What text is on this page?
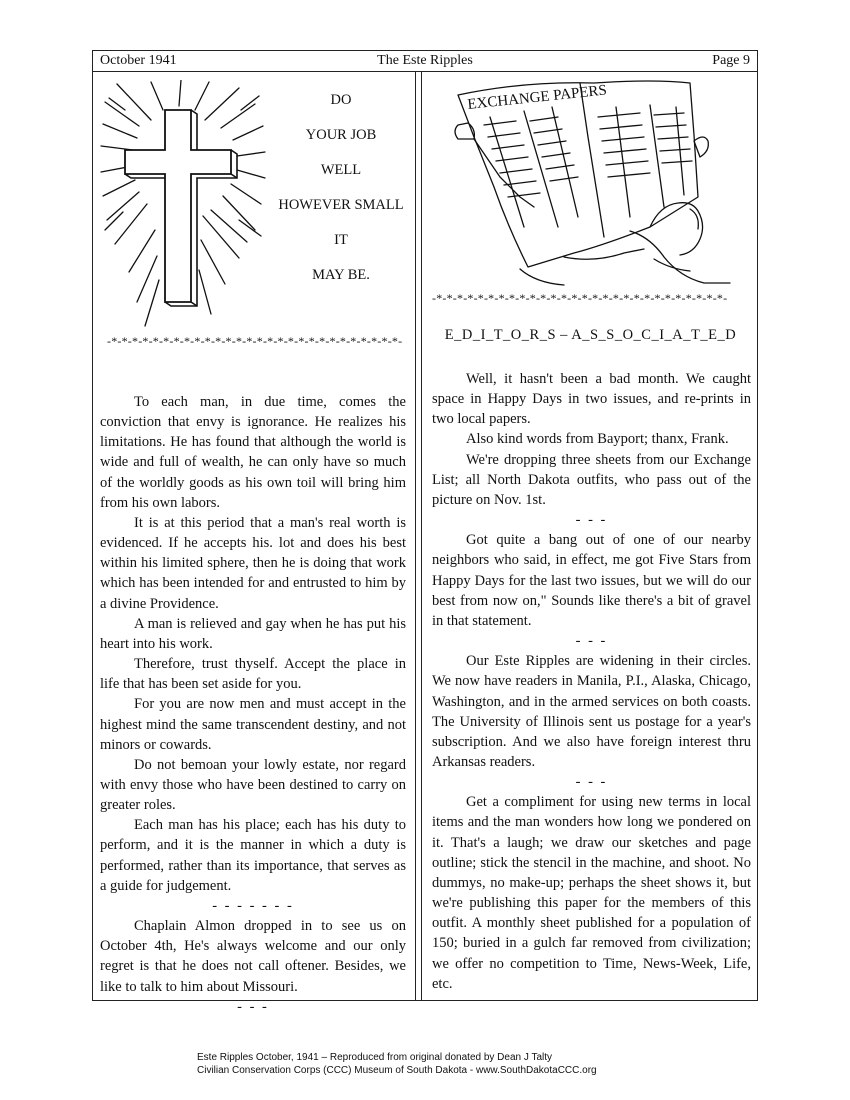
October 1941	The Este Ripples	Page 9
DO
YOUR JOB
WELL
HOWEVER SMALL
IT
MAY BE.
-*-*-*-*-*-*-*-*-*-*-*-*-*-*-*-*-*-*-*-*-*-*-*-*-*-*-*-*-

To each man, in due time, comes the conviction that envy is ignorance. He realizes his limitations. He has found that although the world is wide and full of wealth, he can only have so much of the worldly goods as his own toil will bring him from his own labors.

It is at this period that a man's real worth is evidenced. If he accepts his. lot and does his best within his limited sphere, then he is doing that work which has been intended for and entrusted to him by a divine Providence.

A man is relieved and gay when he has put his heart into his work.

Therefore, trust thyself. Accept the place in life that has been set aside for you.

For you are now men and must accept in the highest mind the same transcendent destiny, and not minors or cowards.

Do not bemoan your lowly estate, nor regard with envy those who have been destined to carry on greater roles.

Each man has his place; each has his duty to perform, and it is the manner in which a duty is performed, rather than its importance, that serves as a guide for judgement.

- - - - - - -

Chaplain Almon dropped in to see us on October 4th, He's always welcome and our only regret is that he does not call oftener. Besides, we like to talk to him about Missouri.

- - -

EXCHANGE PAPERS
-*-*-*-*-*-*-*-*-*-*-*-*-*-*-*-*-*-*-*-*-*-*-*-*-*-*-*-*-
E_D_I_T_O_R_S – A_S_S_O_C_I_A_T_E_D

Well, it hasn't been a bad month. We caught space in Happy Days in two issues, and re-prints in two local papers.

Also kind words from Bayport; thanx, Frank.

We're dropping three sheets from our Exchange List; all North Dakota outfits, who pass out of the picture on Nov. 1st.

- - -

Got quite a bang out of one of our nearby neighbors who said, in effect, me got Five Stars from Happy Days for the last two issues, but we will do our best from now on," Sounds like there's a bit of gravel in that statement.

- - -

Our Este Ripples are widening in their circles. We now have readers in Manila, P.I., Alaska, Chicago, Washington, and in the armed services on both coasts. The University of Illinois sent us postage for a year's subscription. And we also have foreign interest thru Arkansas readers.

- - -

Get a compliment for using new terms in local items and the man wonders how long we pondered on it. That's a laugh; we draw our sketches and page outline; stick the stencil in the machine, and shoot. No dummys, no make-up; perhaps the sheet shows it, but we're publishing this paper for the members of this outfit. A monthly sheet published for a population of 150; buried in a gulch far removed from civilization; we offer no competition to Time, News-Week, Life, etc.

Este Ripples October, 1941 – Reproduced from original donated by Dean J Talty
Civilian Conservation Corps (CCC) Museum of South Dakota - www.SouthDakotaCCC.org
